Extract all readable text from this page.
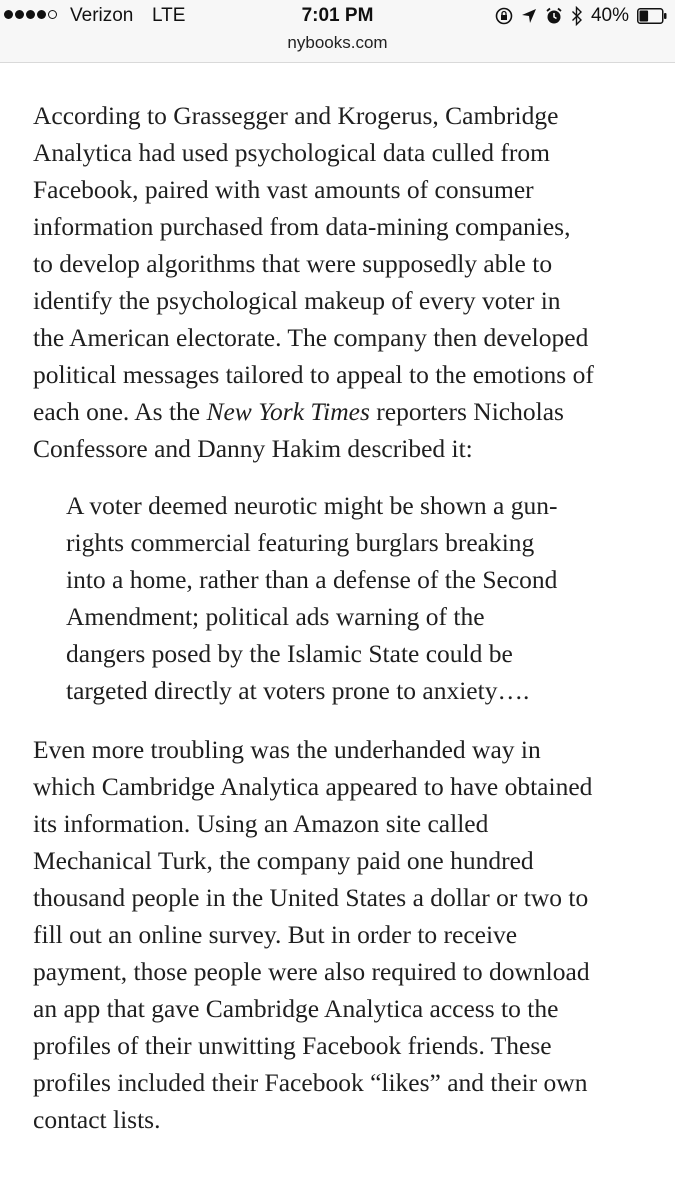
Verizon LTE	7:01 PM	40%
nybooks.com

According to Grassegger and Krogerus, Cambridge
Analytica had used psychological data culled from
Facebook, paired with vast amounts of consumer
information purchased from data-mining companies,
to develop algorithms that were supposedly able to
identify the psychological makeup of every voter in
the American electorate. The company then developed
political messages tailored to appeal to the emotions of
each one. As the New York Times reporters Nicholas
Confessore and Danny Hakim described it:

A voter deemed neurotic might be shown a gun-
rights commercial featuring burglars breaking
into a home, rather than a defense of the Second
Amendment; political ads warning of the
dangers posed by the Islamic State could be
targeted directly at voters prone to anxiety….

Even more troubling was the underhanded way in
which Cambridge Analytica appeared to have obtained
its information. Using an Amazon site called
Mechanical Turk, the company paid one hundred
thousand people in the United States a dollar or two to
fill out an online survey. But in order to receive
payment, those people were also required to download
an app that gave Cambridge Analytica access to the
profiles of their unwitting Facebook friends. These
profiles included their Facebook “likes” and their own
contact lists.
